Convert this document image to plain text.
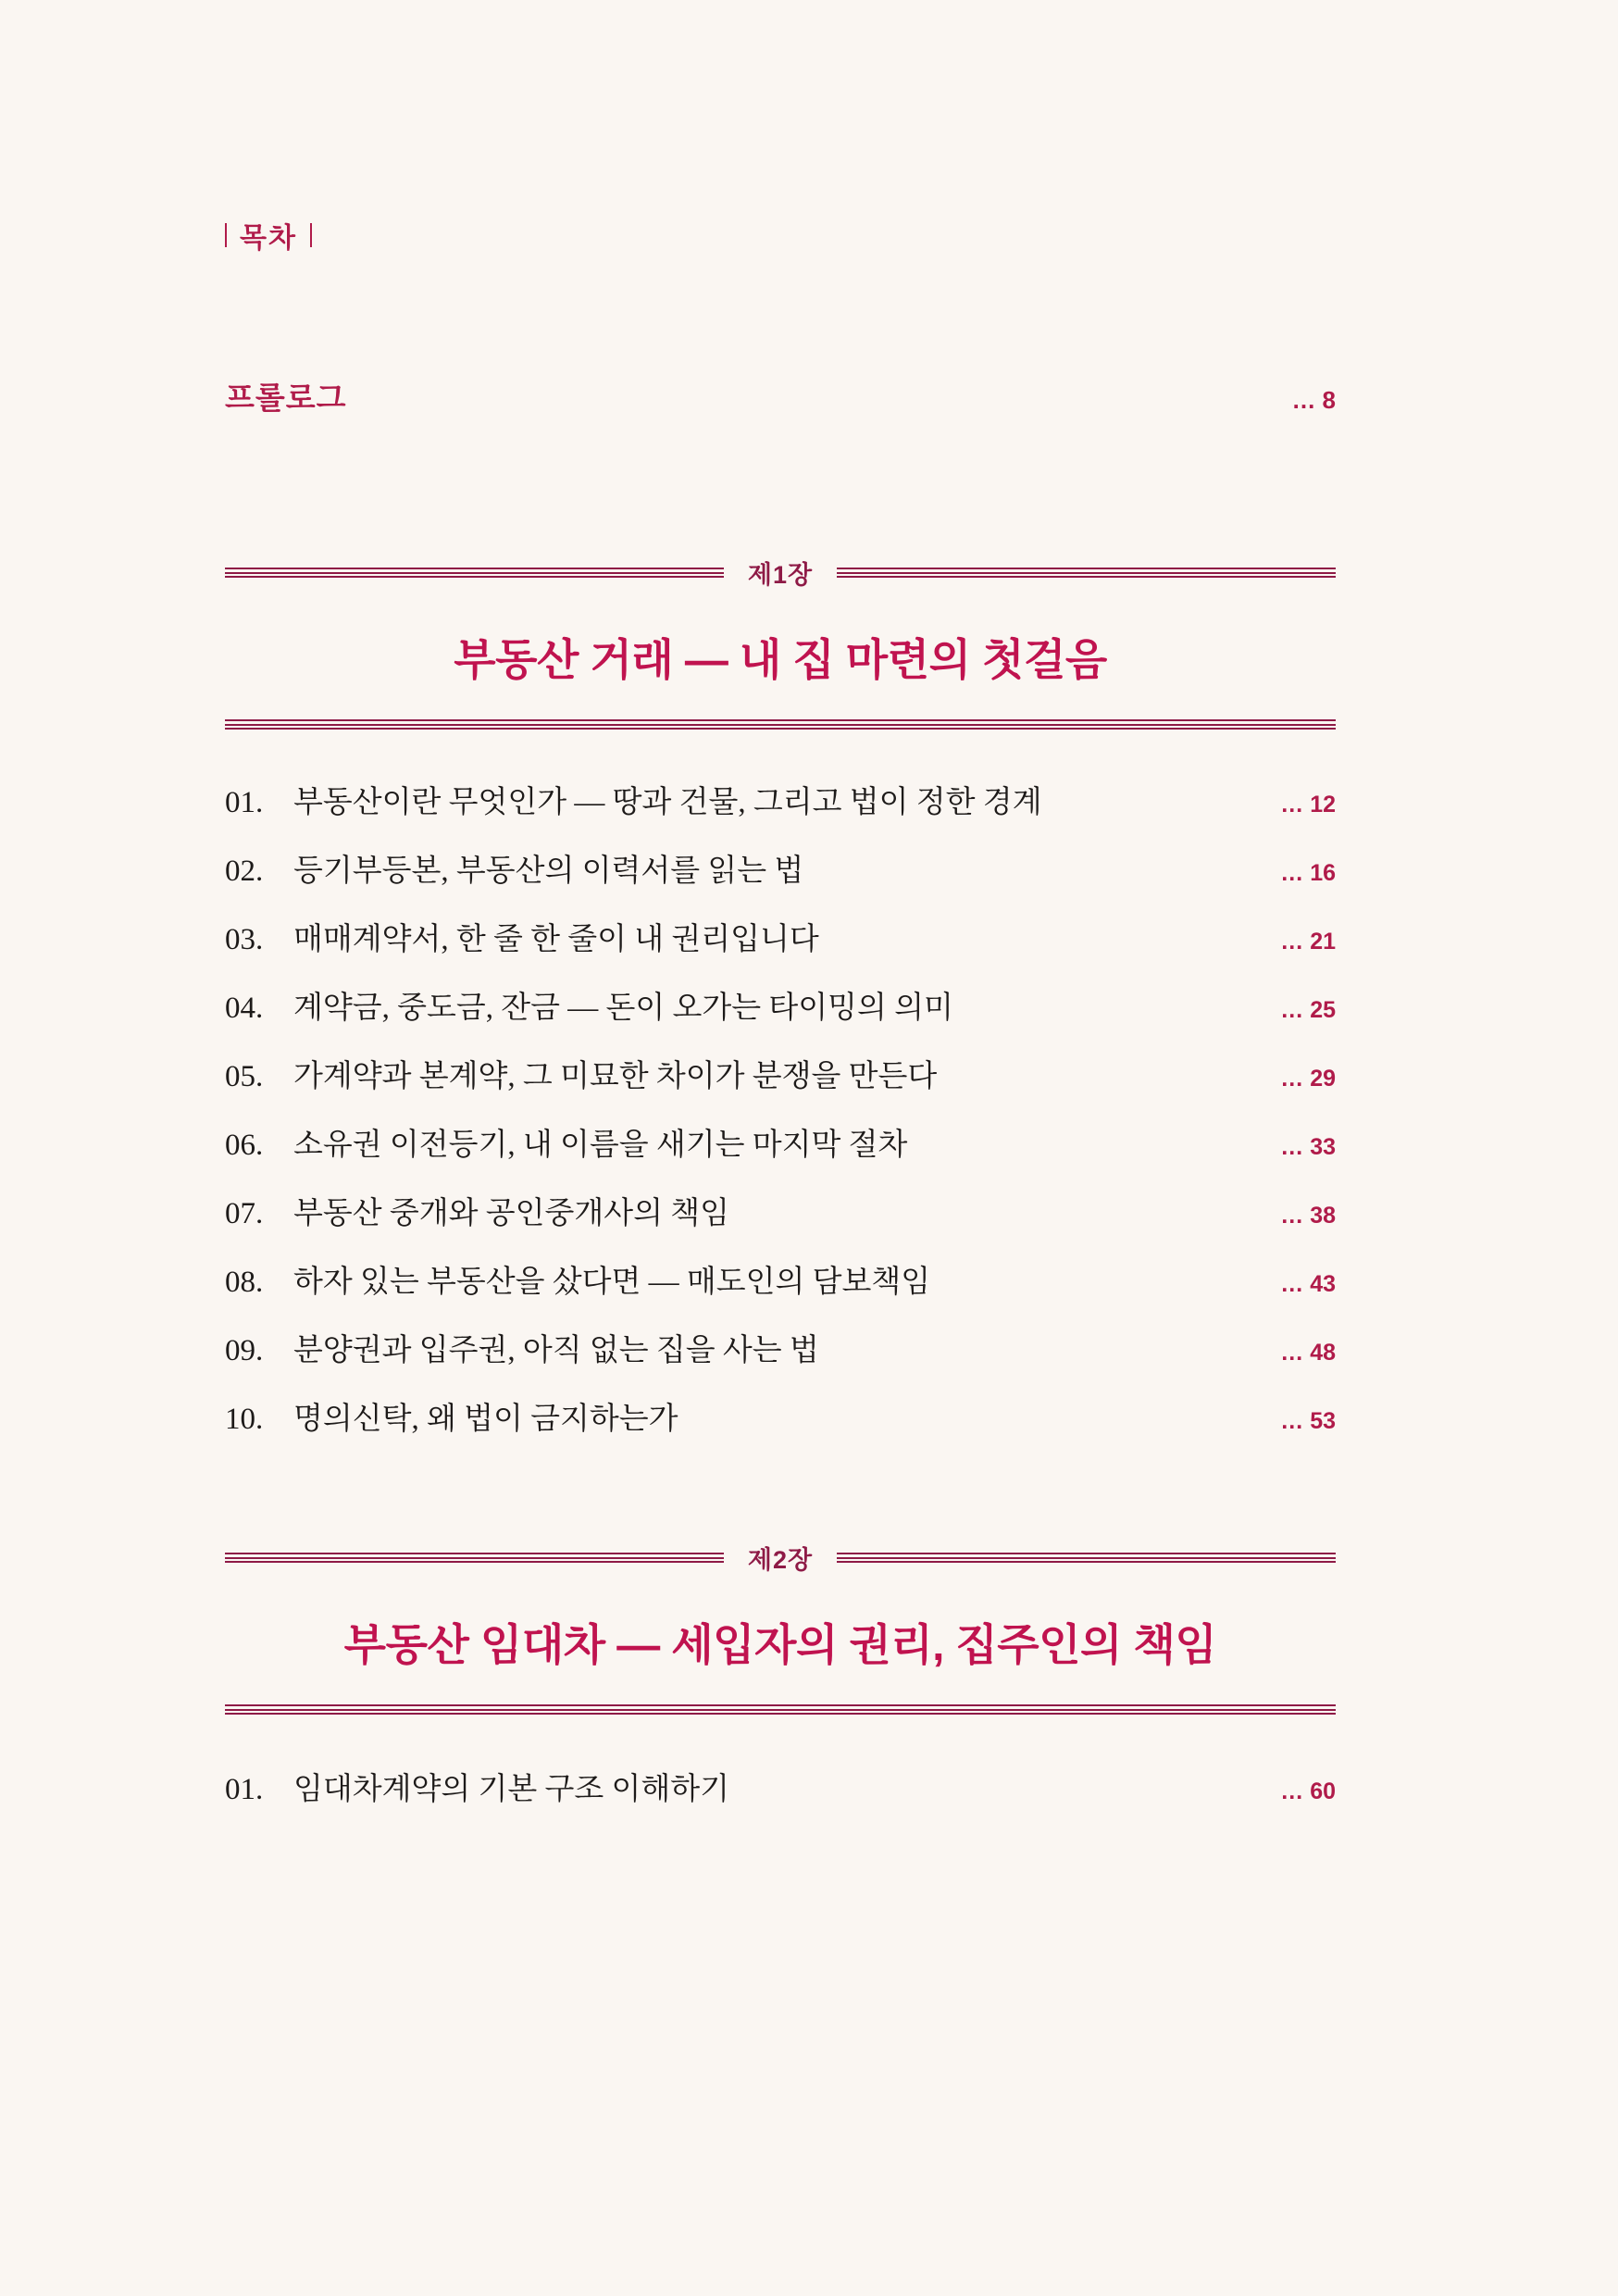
목차
프롤로그	… 8
제1장
부동산 거래 — 내 집 마련의 첫걸음
01. 부동산이란 무엇인가 — 땅과 건물, 그리고 법이 정한 경계	… 12
02. 등기부등본, 부동산의 이력서를 읽는 법	… 16
03. 매매계약서, 한 줄 한 줄이 내 권리입니다	… 21
04. 계약금, 중도금, 잔금 — 돈이 오가는 타이밍의 의미	… 25
05. 가계약과 본계약, 그 미묘한 차이가 분쟁을 만든다	… 29
06. 소유권 이전등기, 내 이름을 새기는 마지막 절차	… 33
07. 부동산 중개와 공인중개사의 책임	… 38
08. 하자 있는 부동산을 샀다면 — 매도인의 담보책임	… 43
09. 분양권과 입주권, 아직 없는 집을 사는 법	… 48
10. 명의신탁, 왜 법이 금지하는가	… 53
제2장
부동산 임대차 — 세입자의 권리, 집주인의 책임
01. 임대차계약의 기본 구조 이해하기	… 60
